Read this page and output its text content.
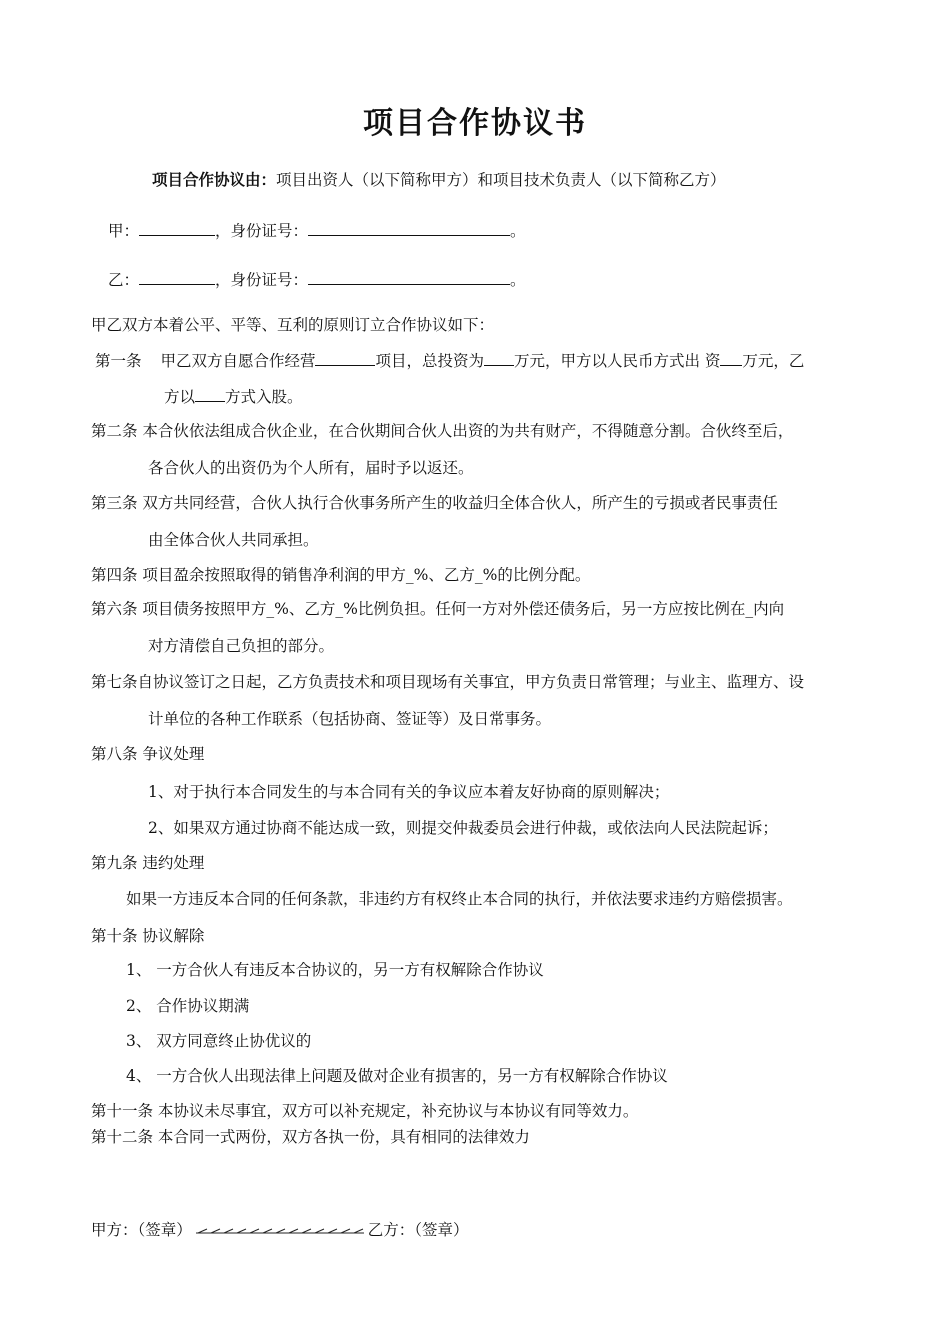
项目合作协议书
项目合作协议由：项目出资人（以下简称甲方）和项目技术负责人（以下简称乙方）
甲：	，身份证号：	。
乙：	，身份证号：	。
甲乙双方本着公平、平等、互利的原则订立合作协议如下：
第一条 甲乙双方自愿合作经营	项目，总投资为 万元，甲方以人民币方式出 资 万元，乙
方以 方式入股。
第二条 本合伙依法组成合伙企业，在合伙期间合伙人出资的为共有财产，不得随意分割。合伙终至后，
各合伙人的出资仍为个人所有，届时予以返还。
第三条 双方共同经营，合伙人执行合伙事务所产生的收益归全体合伙人，所产生的亏损或者民事责任
由全体合伙人共同承担。
第四条 项目盈余按照取得的销售净利润的甲方_%、乙方_%的比例分配。
第六条 项目债务按照甲方_%、乙方_%比例负担。任何一方对外偿还债务后，另一方应按比例在_内向
对方清偿自己负担的部分。
第七条自协议签订之日起，乙方负责技术和项目现场有关事宜，甲方负责日常管理；与业主、监理方、设
计单位的各种工作联系（包括协商、签证等）及日常事务。
第八条 争议处理
1、对于执行本合同发生的与本合同有关的争议应本着友好协商的原则解决；
2、如果双方通过协商不能达成一致，则提交仲裁委员会进行仲裁，或依法向人民法院起诉；
第九条 违约处理
如果一方违反本合同的任何条款，非违约方有权终止本合同的执行，并依法要求违约方赔偿损害。
第十条 协议解除
1、 一方合伙人有违反本合协议的，另一方有权解除合作协议
2、 合作协议期满
3、 双方同意终止协优议的
4、 一方合伙人出现法律上问题及做对企业有损害的，另一方有权解除合作协议
第十一条 本协议未尽事宜，双方可以补充规定，补充协议与本协议有同等效力。
第十二条 本合同一式两份，双方各执一份，具有相同的法律效力
甲方：（签章）	乙方：（签章）
